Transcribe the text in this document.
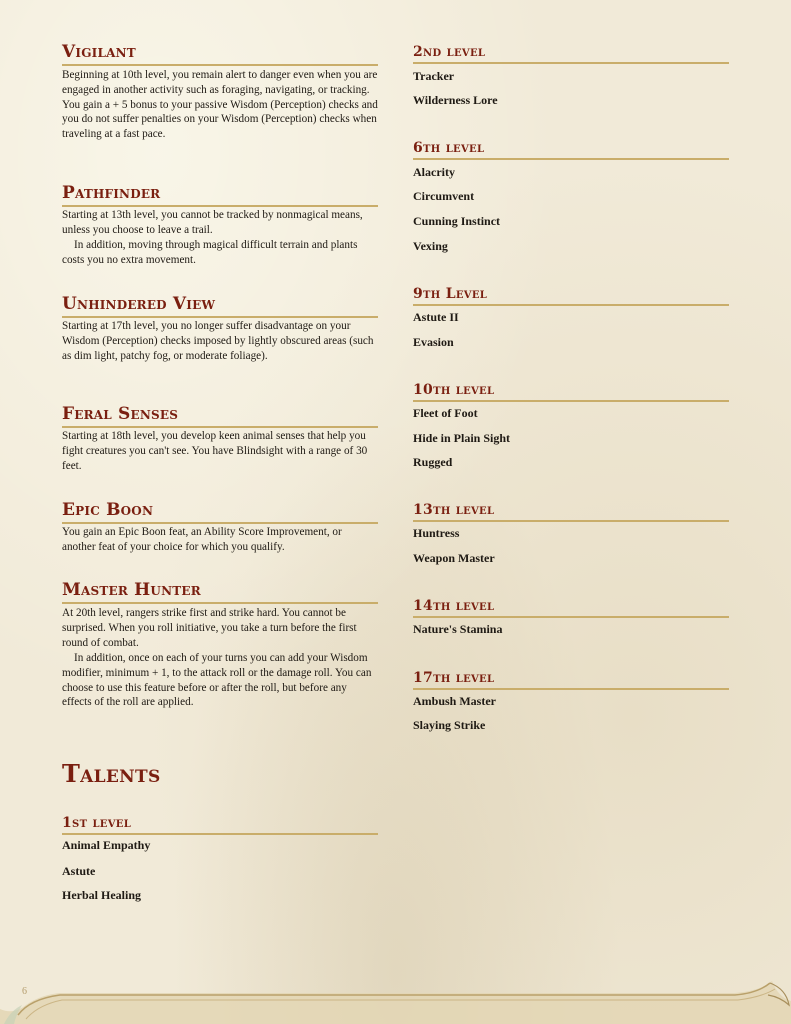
Vigilant

Beginning at 10th level, you remain alert to danger even when you are engaged in another activity such as foraging, navigating, or tracking. You gain a + 5 bonus to your passive Wisdom (Perception) checks and you do not suffer penalties on your Wisdom (Perception) checks when traveling at a fast pace.

Pathfinder

Starting at 13th level, you cannot be tracked by nonmagical means, unless you choose to leave a trail.

In addition, moving through magical difficult terrain and plants costs you no extra movement.

Unhindered View

Starting at 17th level, you no longer suffer disadvantage on your Wisdom (Perception) checks imposed by lightly obscured areas (such as dim light, patchy fog, or moderate foliage).

Feral Senses

Starting at 18th level, you develop keen animal senses that help you fight creatures you can't see. You have Blindsight with a range of 30 feet.

Epic Boon

You gain an Epic Boon feat, an Ability Score Improvement, or another feat of your choice for which you qualify.

Master Hunter

At 20th level, rangers strike first and strike hard. You cannot be surprised. When you roll initiative, you take a turn before the first round of combat.

In addition, once on each of your turns you can add your Wisdom modifier, minimum + 1, to the attack roll or the damage roll. You can choose to use this feature before or after the roll, but before any effects of the roll are applied.

Talents
1st level
Animal Empathy
Astute
Herbal Healing
2nd level
Tracker
Wilderness Lore
6th level
Alacrity
Circumvent
Cunning Instinct
Vexing
9th Level
Astute II
Evasion
10th level
Fleet of Foot
Hide in Plain Sight
Rugged
13th level
Huntress
Weapon Master
14th level
Nature's Stamina
17th level
Ambush Master
Slaying Strike
6
